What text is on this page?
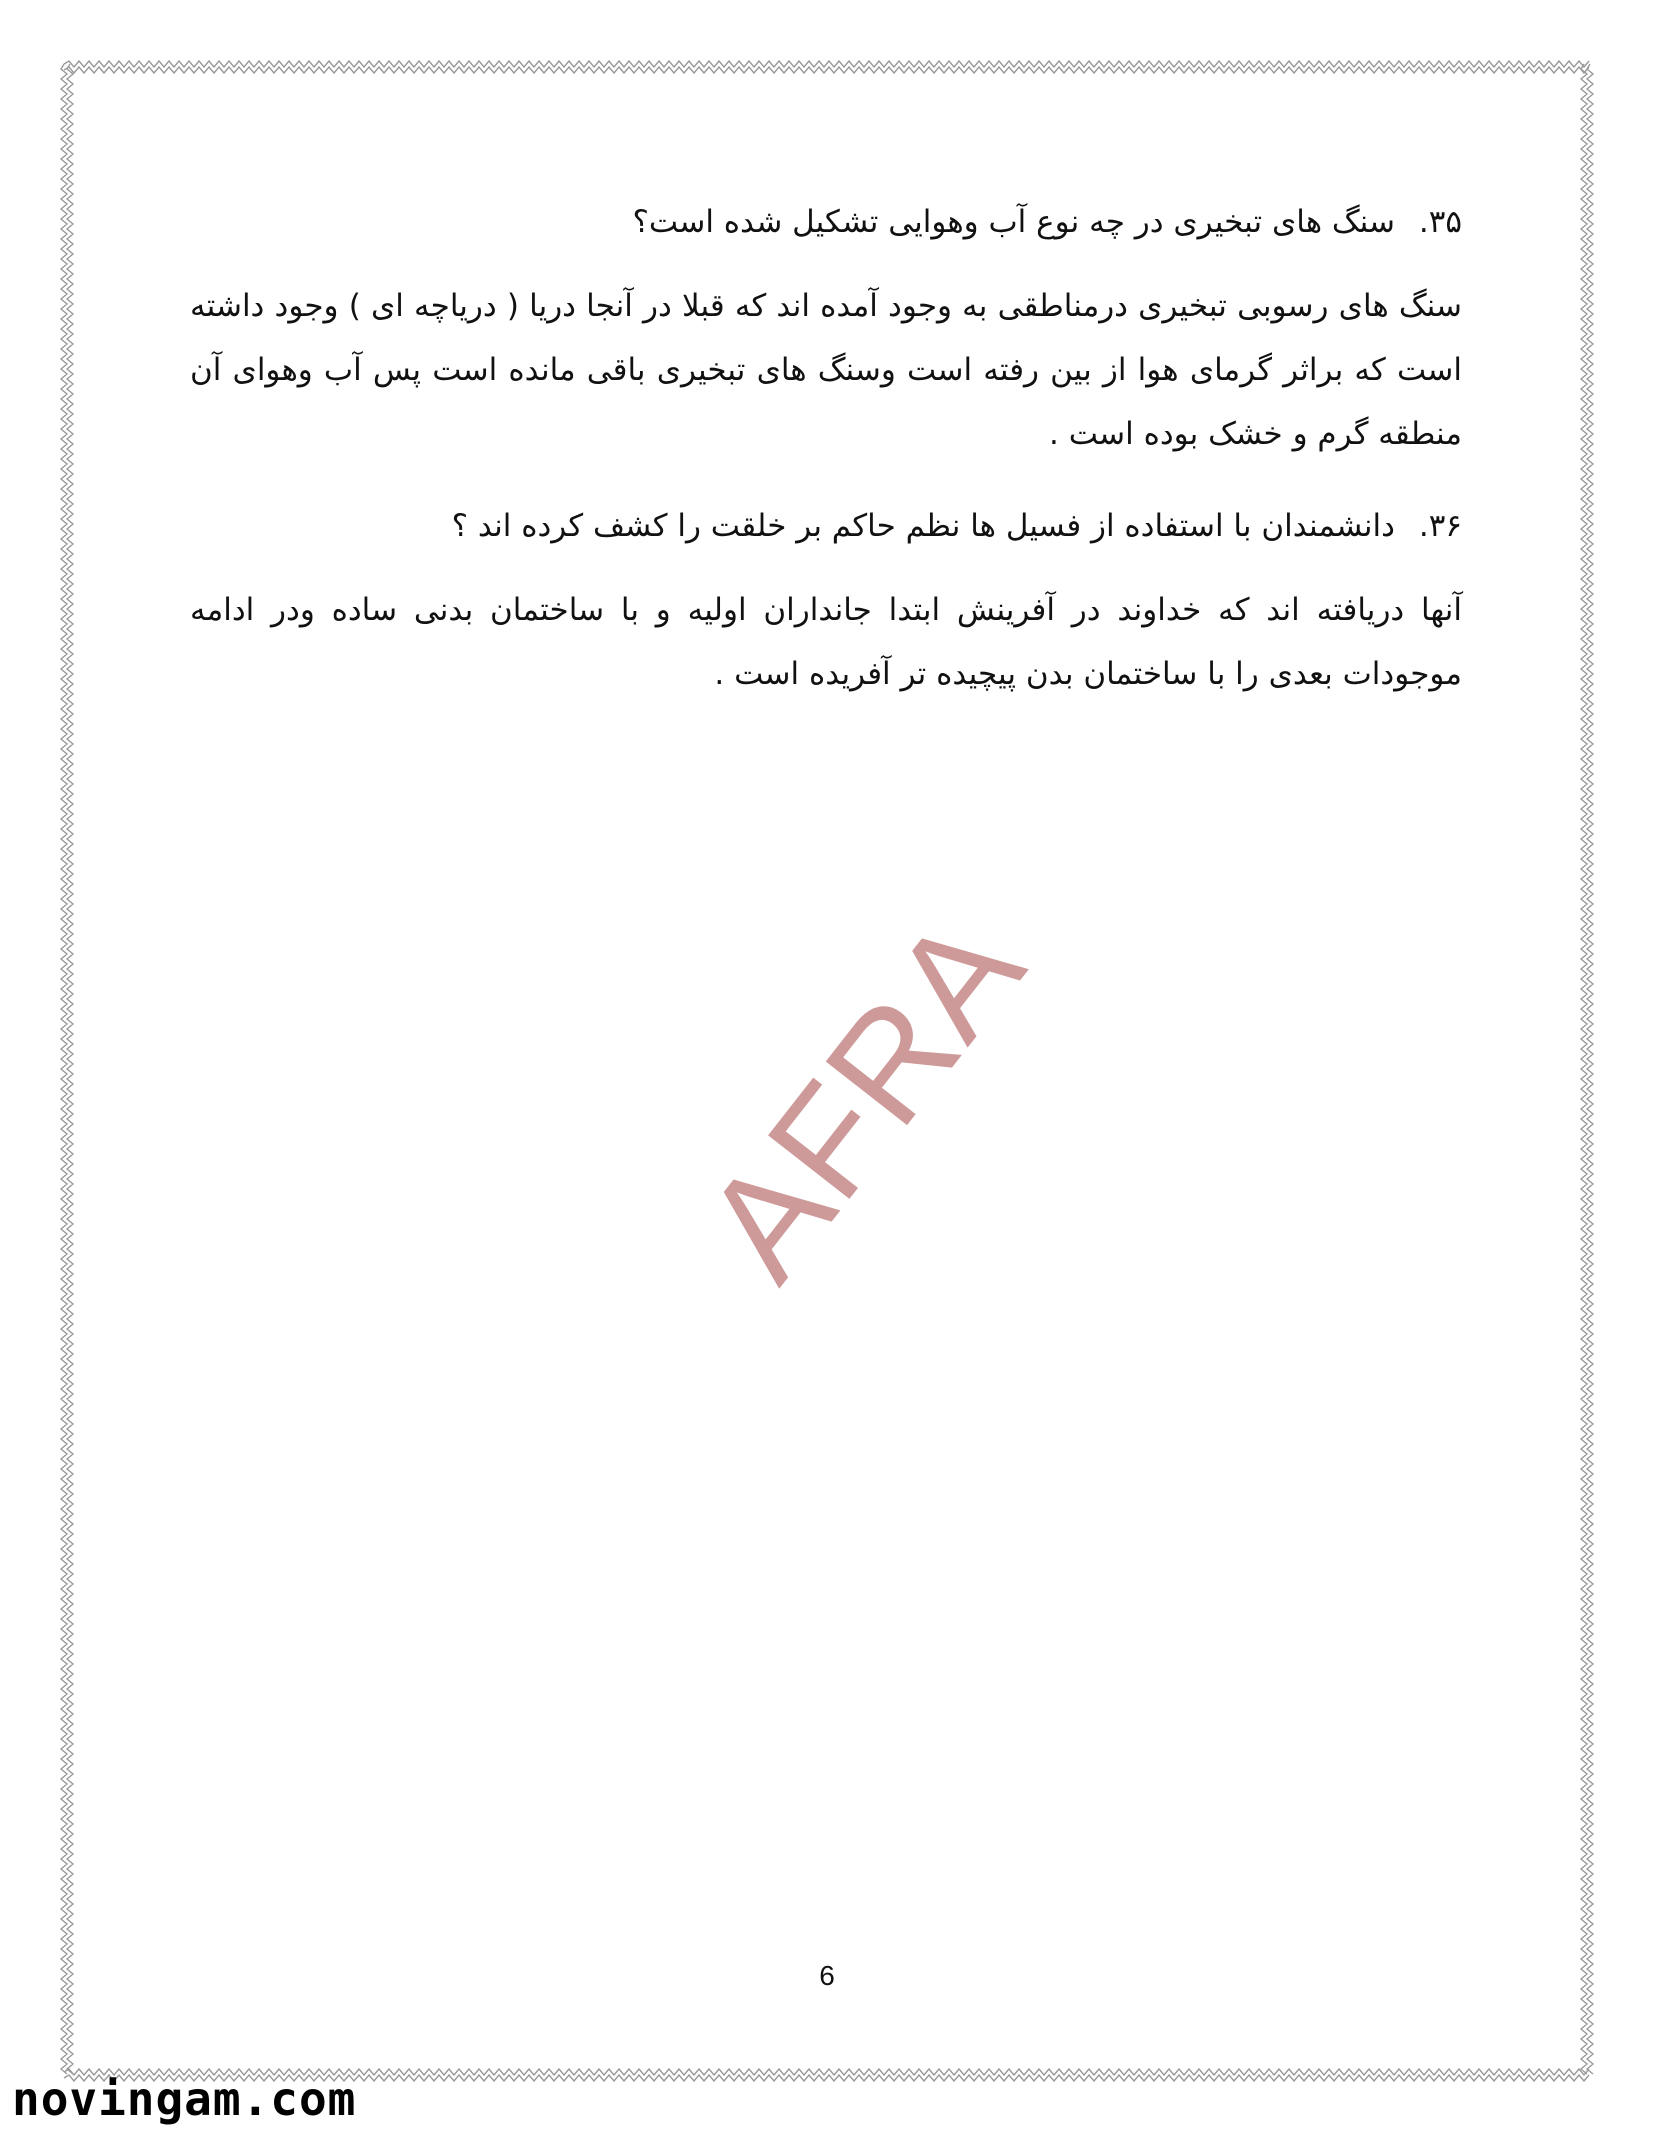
۳۵. سنگ های تبخیری در چه نوع آب وهوایی تشکیل شده است؟

سنگ های رسوبی تبخیری درمناطقی به وجود آمده اند که قبلا در آنجا دریا ( دریاچه ای ) وجود داشته است که براثر گرمای هوا از بین رفته است وسنگ های تبخیری باقی مانده است پس آب وهوای آن منطقه گرم و خشک بوده است .

۳۶. دانشمندان با استفاده از فسیل ها نظم حاکم بر خلقت را کشف کرده اند ؟

آنها دریافته اند که خداوند در آفرینش ابتدا جانداران اولیه و با ساختمان بدنی ساده ودر ادامه موجودات بعدی را با ساختمان بدن پیچیده تر آفریده است .

AFRA
6
novingam.com
